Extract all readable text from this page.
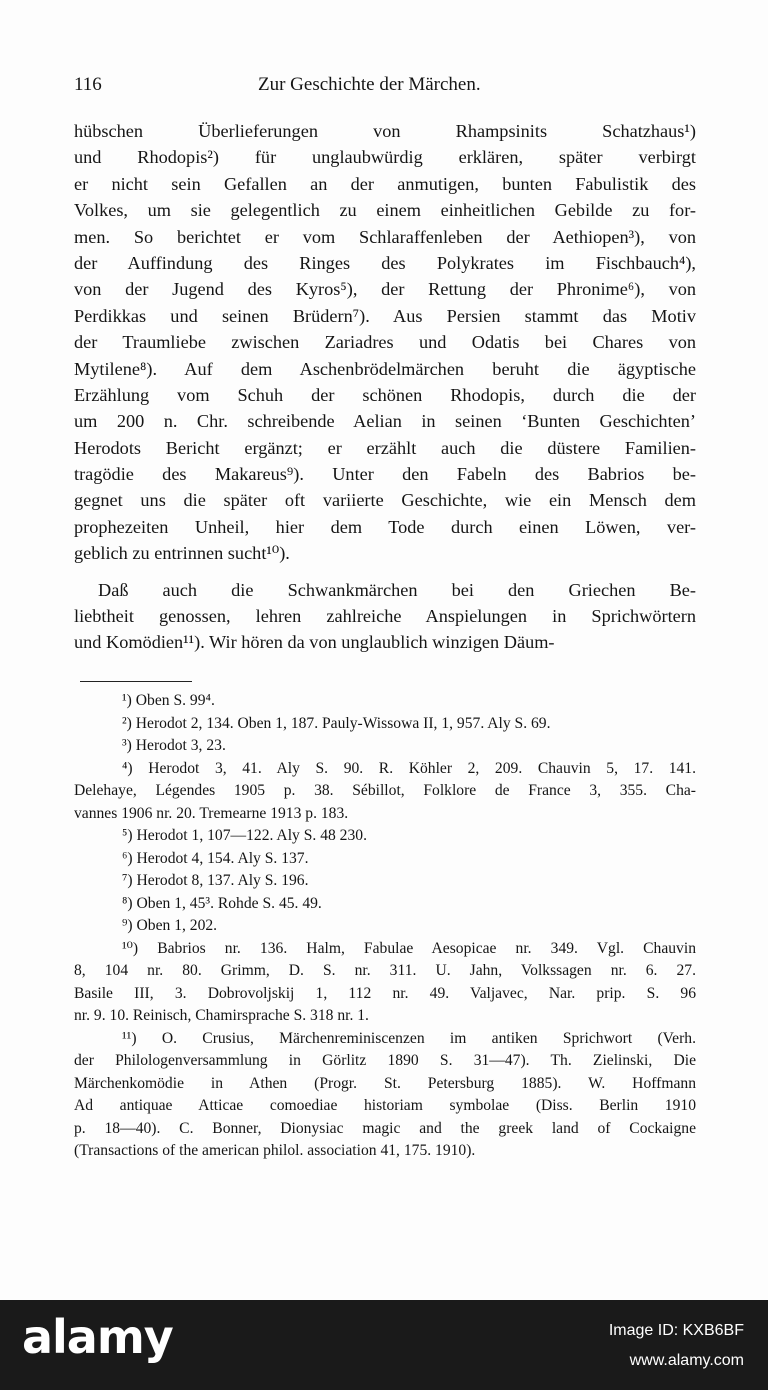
116	Zur Geschichte der Märchen.
hübschen Überlieferungen von Rhampsinits Schatzhaus¹)
und Rhodopis²) für unglaubwürdig erklären, später verbirgt
er nicht sein Gefallen an der anmutigen, bunten Fabulistik des
Volkes, um sie gelegentlich zu einem einheitlichen Gebilde zu for-
men. So berichtet er vom Schlaraffenleben der Aethiopen³), von
der Auffindung des Ringes des Polykrates im Fischbauch⁴),
von der Jugend des Kyros⁵), der Rettung der Phronime⁶), von
Perdikkas und seinen Brüdern⁷). Aus Persien stammt das Motiv
der Traumliebe zwischen Zariadres und Odatis bei Chares von
Mytilene⁸). Auf dem Aschenbrödelmärchen beruht die ägyptische
Erzählung vom Schuh der schönen Rhodopis, durch die der
um 200 n. Chr. schreibende Aelian in seinen ‘Bunten Geschichten’
Herodots Bericht ergänzt; er erzählt auch die düstere Familien-
tragödie des Makareus⁹). Unter den Fabeln des Babrios be-
gegnet uns die später oft variierte Geschichte, wie ein Mensch dem
prophezeiten Unheil, hier dem Tode durch einen Löwen, ver-
geblich zu entrinnen sucht¹⁰).
Daß auch die Schwankmärchen bei den Griechen Be-
liebtheit genossen, lehren zahlreiche Anspielungen in Sprichwörtern
und Komödien¹¹). Wir hören da von unglaublich winzigen Däum-
¹) Oben S. 99⁴.
²) Herodot 2, 134. Oben 1, 187. Pauly-Wissowa II, 1, 957. Aly S. 69.
³) Herodot 3, 23.
⁴) Herodot 3, 41. Aly S. 90. R. Köhler 2, 209. Chauvin 5, 17. 141.
Delehaye, Légendes 1905 p. 38. Sébillot, Folklore de France 3, 355. Cha-
vannes 1906 nr. 20. Tremearne 1913 p. 183.
⁵) Herodot 1, 107—122. Aly S. 48 230.
⁶) Herodot 4, 154. Aly S. 137.
⁷) Herodot 8, 137. Aly S. 196.
⁸) Oben 1, 45³. Rohde S. 45. 49.
⁹) Oben 1, 202.
¹⁰) Babrios nr. 136. Halm, Fabulae Aesopicae nr. 349. Vgl. Chauvin
8, 104 nr. 80. Grimm, D. S. nr. 311. U. Jahn, Volkssagen nr. 6. 27.
Basile III, 3. Dobrovoljskij 1, 112 nr. 49. Valjavec, Nar. prip. S. 96
nr. 9. 10. Reinisch, Chamirsprache S. 318 nr. 1.
¹¹) O. Crusius, Märchenreminiscenzen im antiken Sprichwort (Verh.
der Philologenversammlung in Görlitz 1890 S. 31—47). Th. Zielinski, Die
Märchenkomödie in Athen (Progr. St. Petersburg 1885). W. Hoffmann
Ad antiquae Atticae comoediae historiam symbolae (Diss. Berlin 1910
p. 18—40). C. Bonner, Dionysiac magic and the greek land of Cockaigne
(Transactions of the american philol. association 41, 175. 1910).
alamy	Image ID: KXB6BF
www.alamy.com
